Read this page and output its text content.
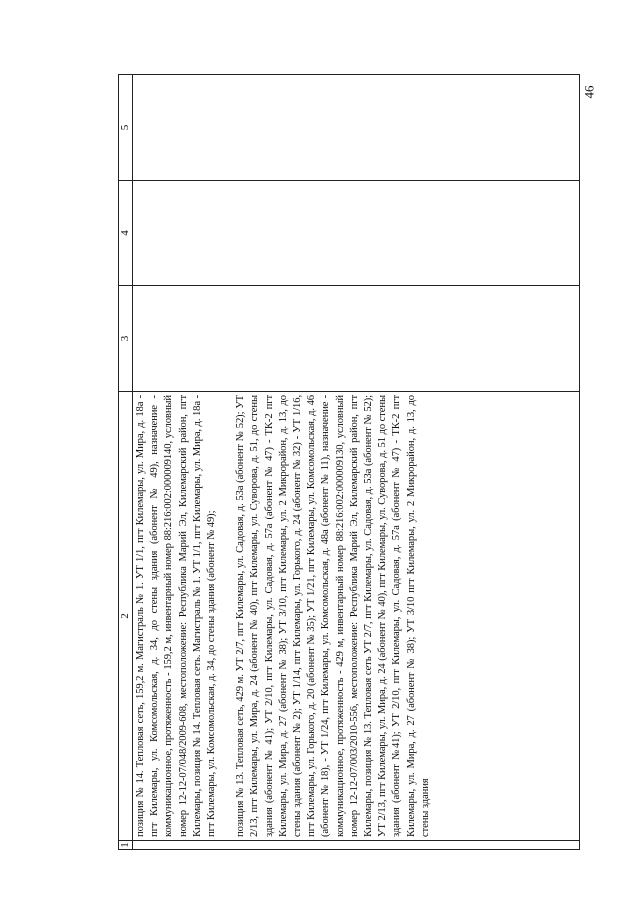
46
1	2	3	4	5

	позиция № 14. Тепловая сеть, 159,2 м. Магистраль № 1. УТ 1/1, пгт Килемары, ул. Мира, д. 18а - пгт Килемары, ул. Комсомольская, д. 34, до стены здания (абонент № 49), назначение - коммуникационное, протяженность - 159,2 м, инвентарный номер 88:216:002:000009140, условный номер 12-12-07/048/2009-608, местоположение: Республика Марий Эл, Килемарский район, пгт Килемары, позиция № 14. Тепловая сеть. Магистраль № 1. УТ 1/1, пгт Килемары, ул. Мира, д. 18а - пгт Килемары, ул. Комсомольская, д. 34, до стены здания (абонент № 49); позиция № 13. Тепловая сеть, 429 м. УТ 2/7, пгт Килемары, ул. Садовая, д. 53а (абонент № 52); УТ 2/13, пгт Килемары, ул. Мира, д. 24 (абонент № 40), пгт Килемары, ул. Суворова, д. 51, до стены здания (абонент № 41); УТ 2/10, пгт Килемары, ул. Садовая, д. 57а (абонент № 47) - ТК-2 пгт Килемары, ул. Мира, д. 27 (абонент № 38); УТ 3/10, пгт Килемары, ул. 2 Микрорайон, д. 13, до стены здания (абонент № 2); УТ 1/14, пгт Килемары, ул. Горького, д. 24 (абонент № 32) - УТ 1/16, пгт Килемары, ул. Горького, д. 20 (абонент № 35); УТ 1/21, пгт Килемары, ул. Комсомольская, д. 46 (абонент № 18), - УТ 1/24, пгт Килемары, ул. Комсомольская, д. 48а (абонент № 11), назначение - коммуникационное, протяженность - 429 м, инвентарный номер 88:216:002:000009130, условный номер 12-12-07/003/2010-556, местоположение: Республика Марий Эл, Килемарский район, пгт Килемары, позиция № 13. Тепловая сеть УТ 2/7, пгт Килемары, ул. Садовая, д. 53а (абонент № 52); УТ 2/13, пгт Килемары, ул. Мира, д. 24 (абонент № 40), пгт Килемары, ул. Суворова, д. 51 до стены здания (абонент №41); УТ 2/10, пгт Килемары, ул. Садовая, д. 57а (абонент № 47) - ТК-2 пгт Килемары, ул. Мира, д. 27 (абонент № 38); УТ 3/10 пгт Килемары, ул. 2 Микрорайон, д. 13, до стены здания			
